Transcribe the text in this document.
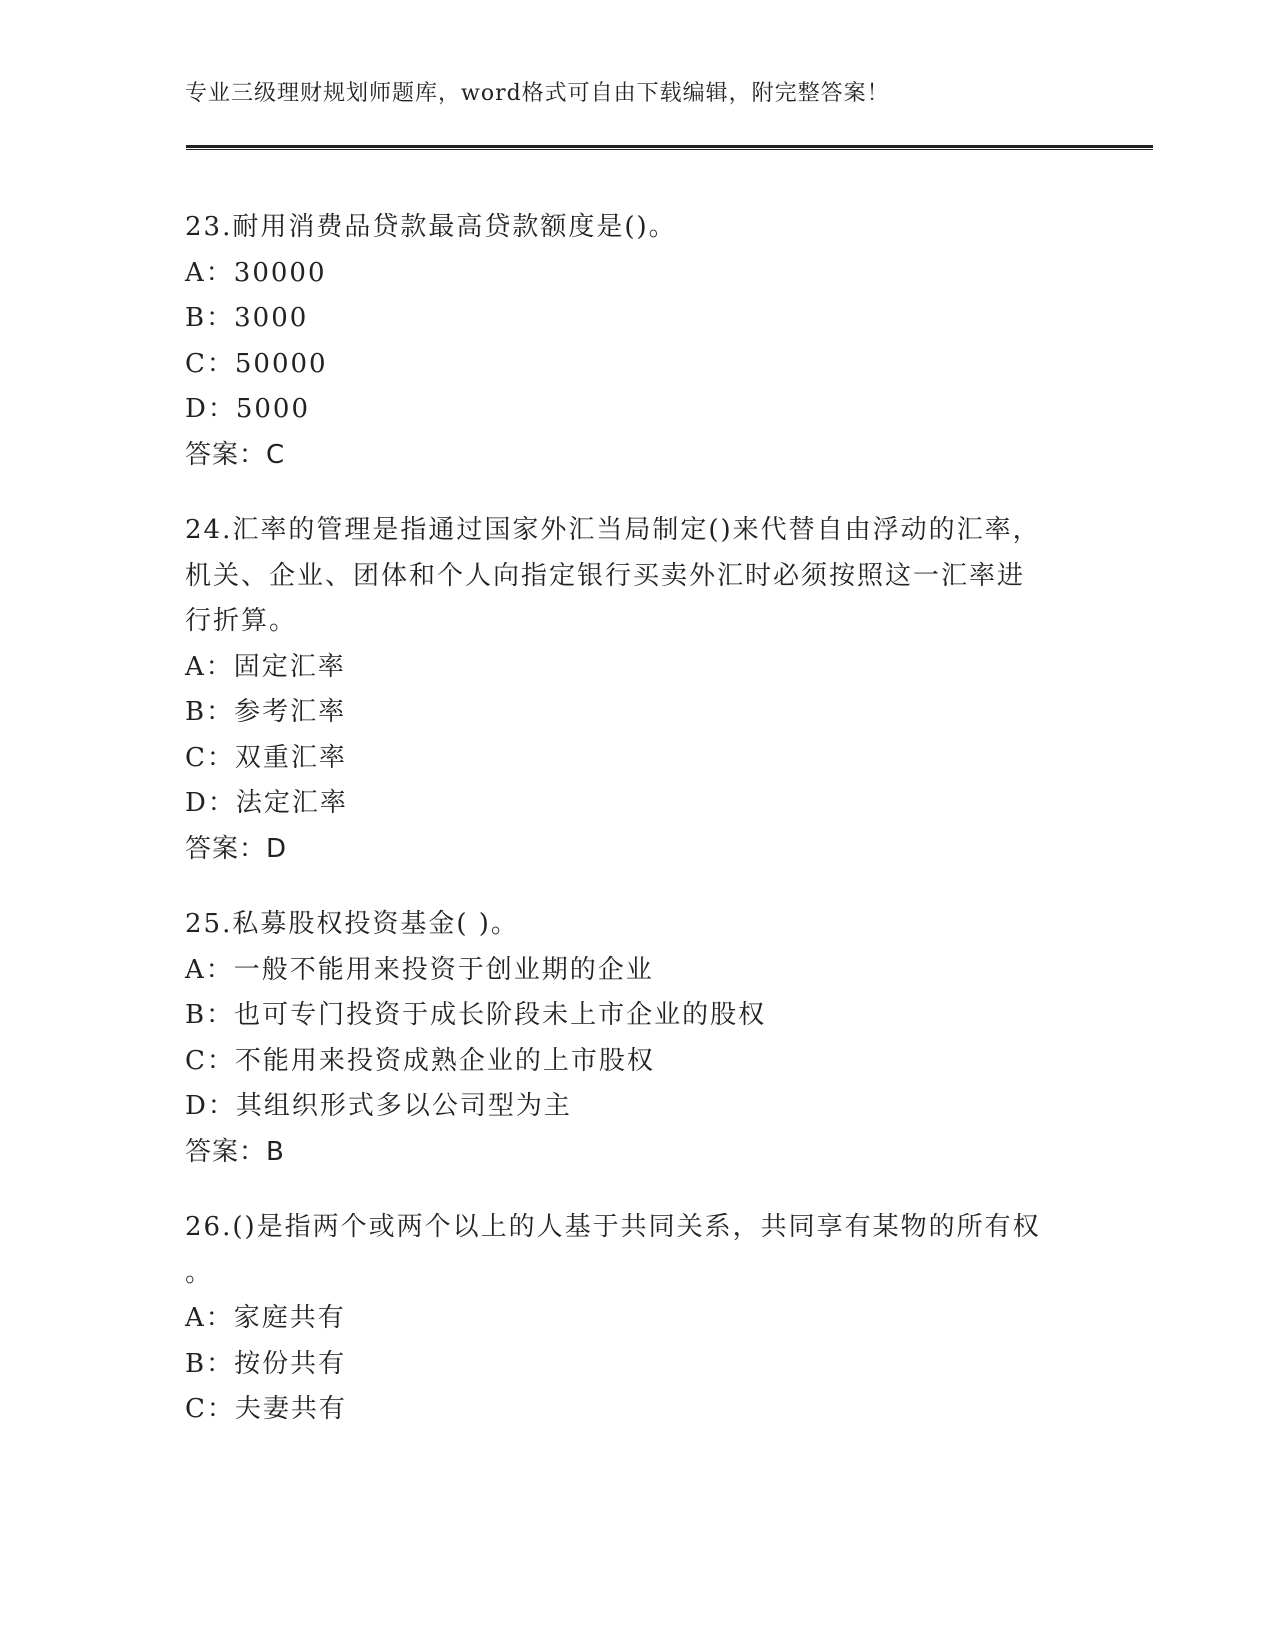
专业三级理财规划师题库，word格式可自由下载编辑，附完整答案！
23.耐用消费品贷款最高贷款额度是()。
A：30000
B：3000
C：50000
D：5000
答案：C
24.汇率的管理是指通过国家外汇当局制定()来代替自由浮动的汇率，
机关、企业、团体和个人向指定银行买卖外汇时必须按照这一汇率进
行折算。
A：固定汇率
B：参考汇率
C：双重汇率
D：法定汇率
答案：D
25.私募股权投资基金( )。
A：一般不能用来投资于创业期的企业
B：也可专门投资于成长阶段未上市企业的股权
C：不能用来投资成熟企业的上市股权
D：其组织形式多以公司型为主
答案：B
26.()是指两个或两个以上的人基于共同关系，共同享有某物的所有权
。
A：家庭共有
B：按份共有
C：夫妻共有
